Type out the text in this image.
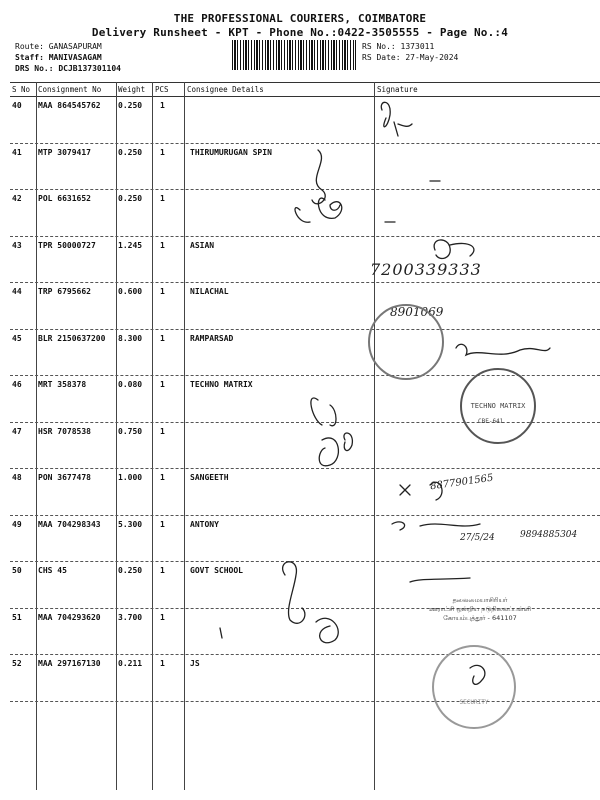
THE PROFESSIONAL COURIERS, COIMBATORE
Delivery Runsheet - KPT - Phone No.:0422-3505555 - Page No.:4
Route: GANASAPURAM
Staff: MANIVASAGAM
DRS No.: DCJB137301104
RS No.: 1373011
RS Date: 27-May-2024
S No Consignment No Weight PCS Consignee Details	Signature
40 MAA 864545762 0.250 1
41 MTP 3079417	0.250 1	THIRUMURUGAN SPIN
42 POL 6631652	0.250 1
43 TPR 50000727	1.245 1	ASIAN
44 TRP 6795662	0.600 1	NILACHAL
45 BLR 2150637200 8.300 1	RAMPARSAD
46 MRT 358378	0.080 1	TECHNO MATRIX
47 HSR 7078538	0.750 1
48 PON 3677478	1.000 1	SANGEETH
49 MAA 704298343 5.300 1	ANTONY
50 CHS 45	0.250 1	GOVT SCHOOL
51 MAA 704293620 3.700 1
52 MAA 297167130 0.211 1	JS
7200339333
8901069
8877901565
27/5/24	9894885304
TECHNO MATRIX
CBE-641
தலைமையாசிரியர்
ஊராட்சி ஒன்றிய நடுநிலைப்பள்ளி
கோயம்புத்தூர் - 641107
SECURITY
